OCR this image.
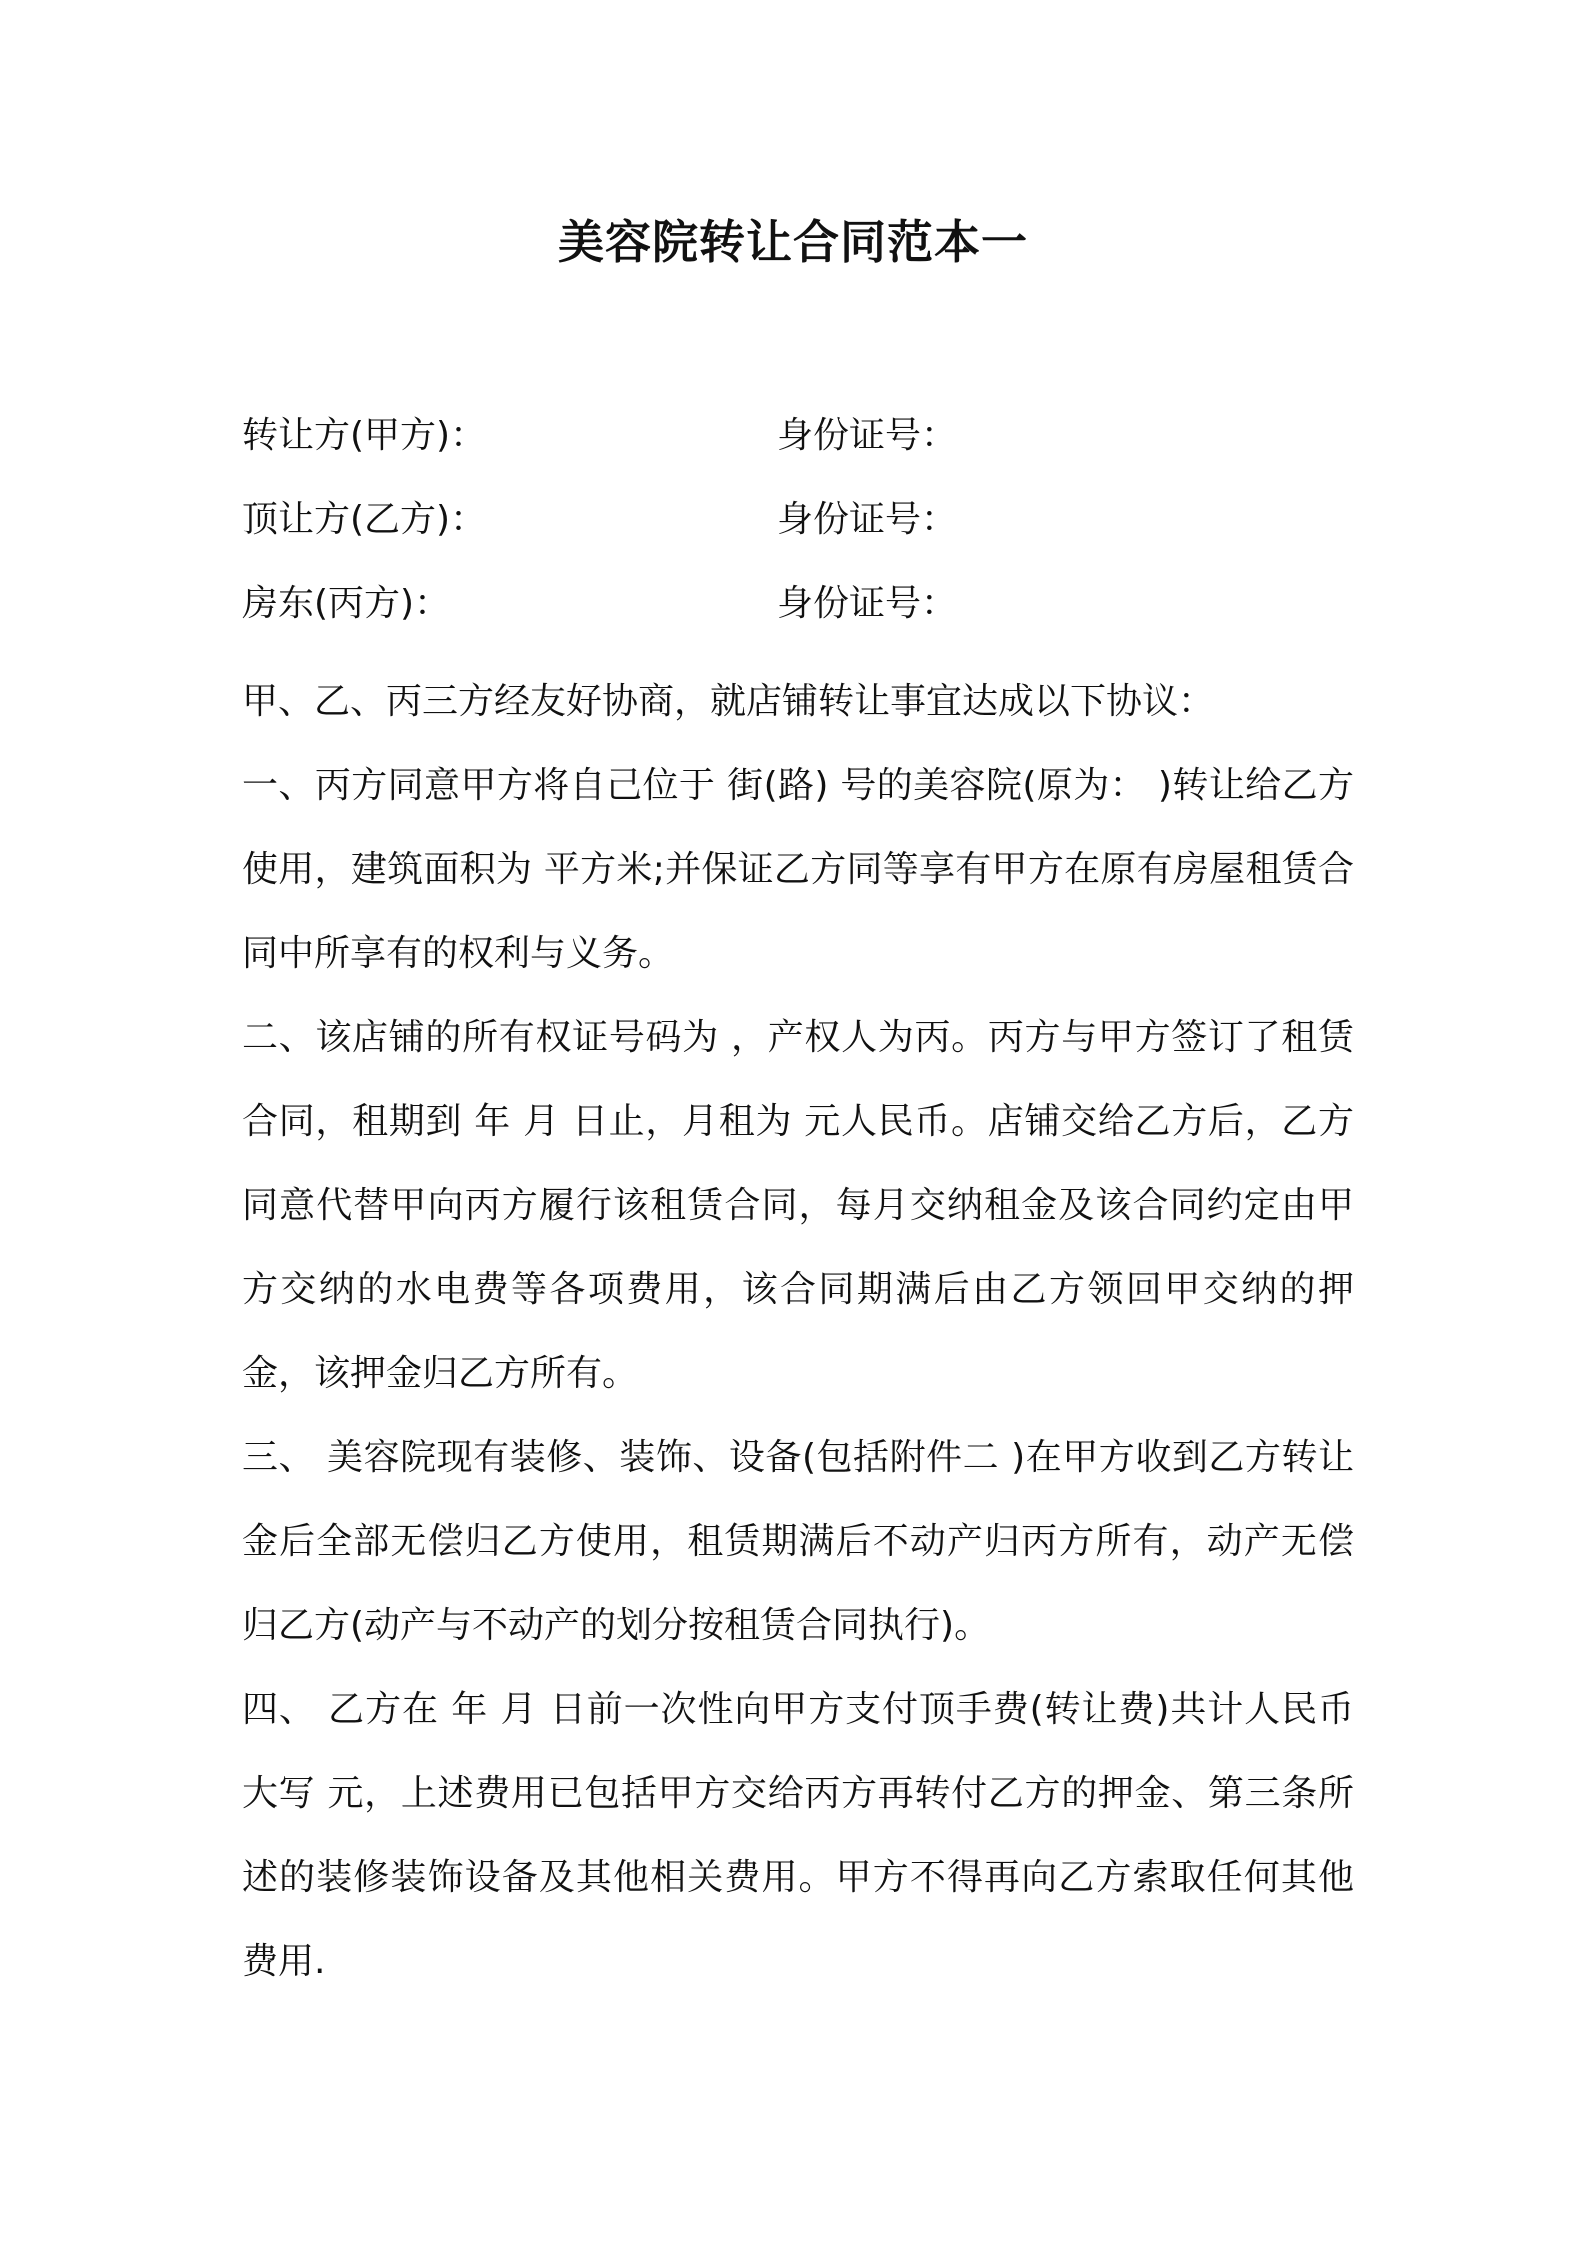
美容院转让合同范本一
转让方(甲方)：	身份证号：
顶让方(乙方)：	身份证号：
房东(丙方)：	身份证号：

甲、乙、丙三方经友好协商，就店铺转让事宜达成以下协议：

一、丙方同意甲方将自己位于 街(路) 号的美容院(原为： )转让给乙方使用，建筑面积为 平方米;并保证乙方同等享有甲方在原有房屋租赁合同中所享有的权利与义务。

二、该店铺的所有权证号码为 ，产权人为丙。丙方与甲方签订了租赁合同，租期到 年 月 日止，月租为 元人民币。店铺交给乙方后，乙方同意代替甲向丙方履行该租赁合同，每月交纳租金及该合同约定由甲方交纳的水电费等各项费用，该合同期满后由乙方领回甲交纳的押金，该押金归乙方所有。

三、 美容院现有装修、装饰、设备(包括附件二 )在甲方收到乙方转让金后全部无偿归乙方使用，租赁期满后不动产归丙方所有，动产无偿归乙方(动产与不动产的划分按租赁合同执行)。

四、 乙方在 年 月 日前一次性向甲方支付顶手费(转让费)共计人民币大写 元，上述费用已包括甲方交给丙方再转付乙方的押金、第三条所述的装修装饰设备及其他相关费用。甲方不得再向乙方索取任何其他费用.
